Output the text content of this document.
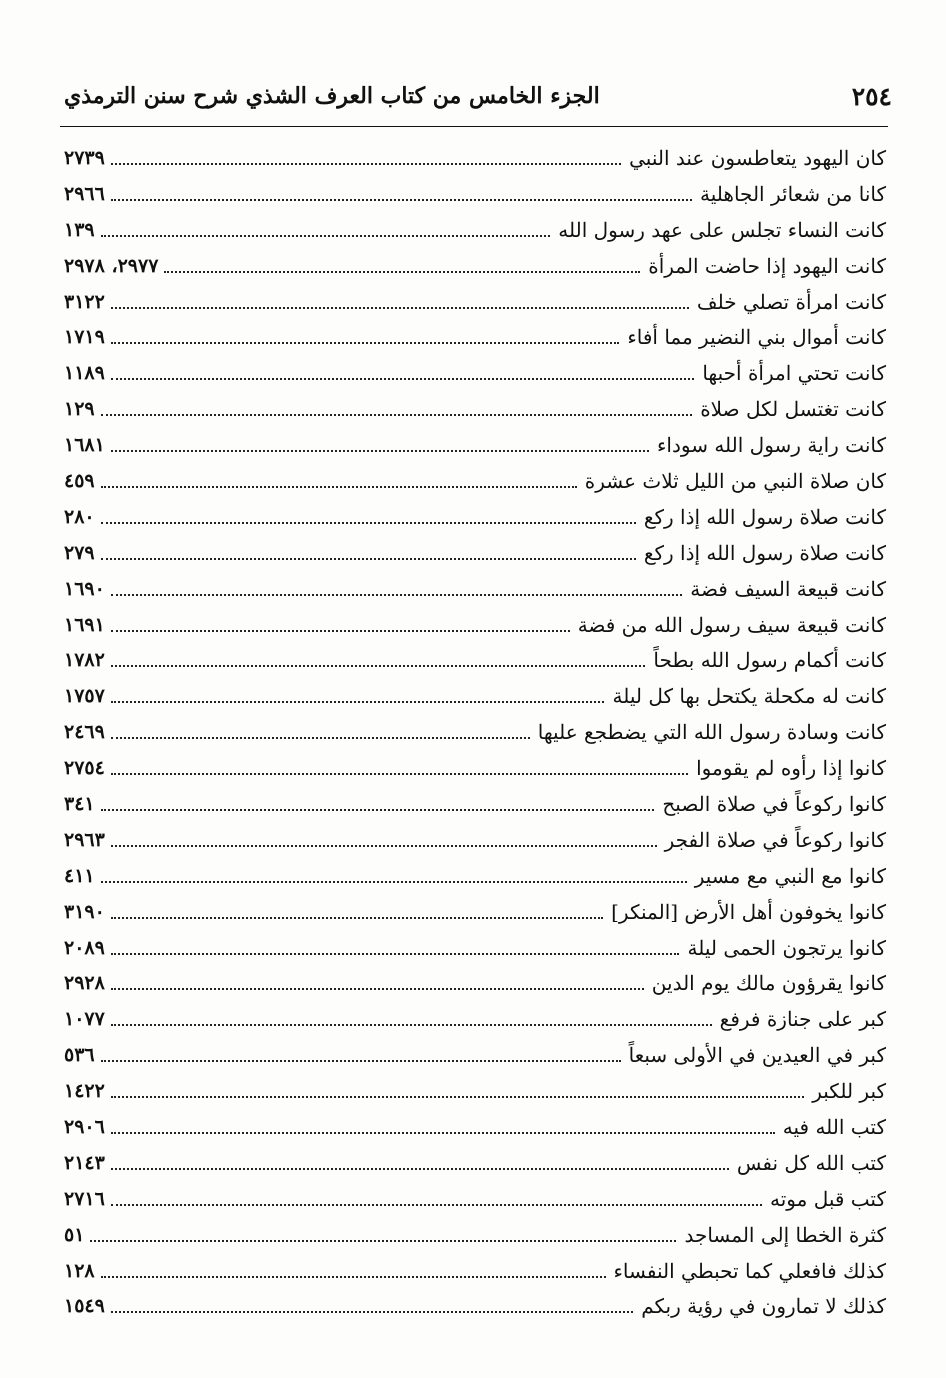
٢٥٤
الجزء الخامس من كتاب العرف الشذي شرح سنن الترمذي
كان اليهود يتعاطسون عند النبي
٢٧٣٩
كانا من شعائر الجاهلية
٢٩٦٦
كانت النساء تجلس على عهد رسول الله
١٣٩
كانت اليهود إذا حاضت المرأة
٢٩٧٧، ٢٩٧٨
كانت امرأة تصلي خلف
٣١٢٢
كانت أموال بني النضير مما أفاء
١٧١٩
كانت تحتي امرأة أحبها
١١٨٩
كانت تغتسل لكل صلاة
١٢٩
كانت راية رسول الله سوداء
١٦٨١
كان صلاة النبي من الليل ثلاث عشرة
٤٥٩
كانت صلاة رسول الله إذا ركع
٢٨٠
كانت صلاة رسول الله إذا ركع
٢٧٩
كانت قبيعة السيف فضة
١٦٩٠
كانت قبيعة سيف رسول الله من فضة
١٦٩١
كانت أكمام رسول الله بطحاً
١٧٨٢
كانت له مكحلة يكتحل بها كل ليلة
١٧٥٧
كانت وسادة رسول الله التي يضطجع عليها
٢٤٦٩
كانوا إذا رأوه لم يقوموا
٢٧٥٤
كانوا ركوعاً في صلاة الصبح
٣٤١
كانوا ركوعاً في صلاة الفجر
٢٩٦٣
كانوا مع النبي مع مسير
٤١١
كانوا يخوفون أهل الأرض [المنكر]
٣١٩٠
كانوا يرتجون الحمى ليلة
٢٠٨٩
كانوا يقرؤون مالك يوم الدين
٢٩٢٨
كبر على جنازة فرفع
١٠٧٧
كبر في العيدين في الأولى سبعاً
٥٣٦
كبر للكبر
١٤٢٢
كتب الله فيه
٢٩٠٦
كتب الله كل نفس
٢١٤٣
كتب قبل موته
٢٧١٦
كثرة الخطا إلى المساجد
٥١
كذلك فافعلي كما تحبطي النفساء
١٢٨
كذلك لا تمارون في رؤية ربكم
١٥٤٩
